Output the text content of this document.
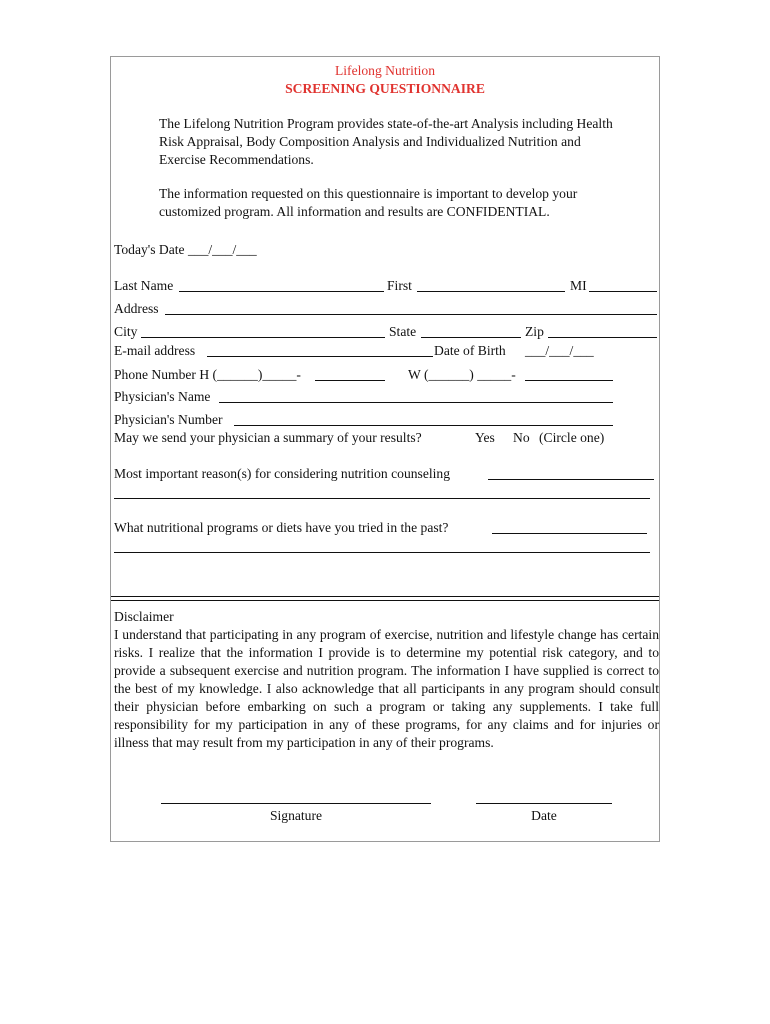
Lifelong Nutrition
SCREENING QUESTIONNAIRE
The Lifelong Nutrition Program provides state-of-the-art Analysis including Health Risk Appraisal, Body Composition Analysis and Individualized Nutrition and Exercise Recommendations.
The information requested on this questionnaire is important to develop your customized program. All information and results are CONFIDENTIAL.
Today's Date ___/___/___
Last Name	First	MI
Address
City	State	Zip
E-mail address	Date of Birth ___/___/___
Phone Number H (______)_____-	W (______) _____-
Physician's Name
Physician's Number
May we send your physician a summary of your results?	Yes No (Circle one)
Most important reason(s) for considering nutrition counseling
What nutritional programs or diets have you tried in the past?
Disclaimer
I understand that participating in any program of exercise, nutrition and lifestyle change has certain risks. I realize that the information I provide is to determine my potential risk category, and to provide a subsequent exercise and nutrition program. The information I have supplied is correct to the best of my knowledge. I also acknowledge that all participants in any program should consult their physician before embarking on such a program or taking any supplements. I take full responsibility for my participation in any of these programs, for any claims and for injuries or illness that may result from my participation in any of their programs.
Signature	Date
